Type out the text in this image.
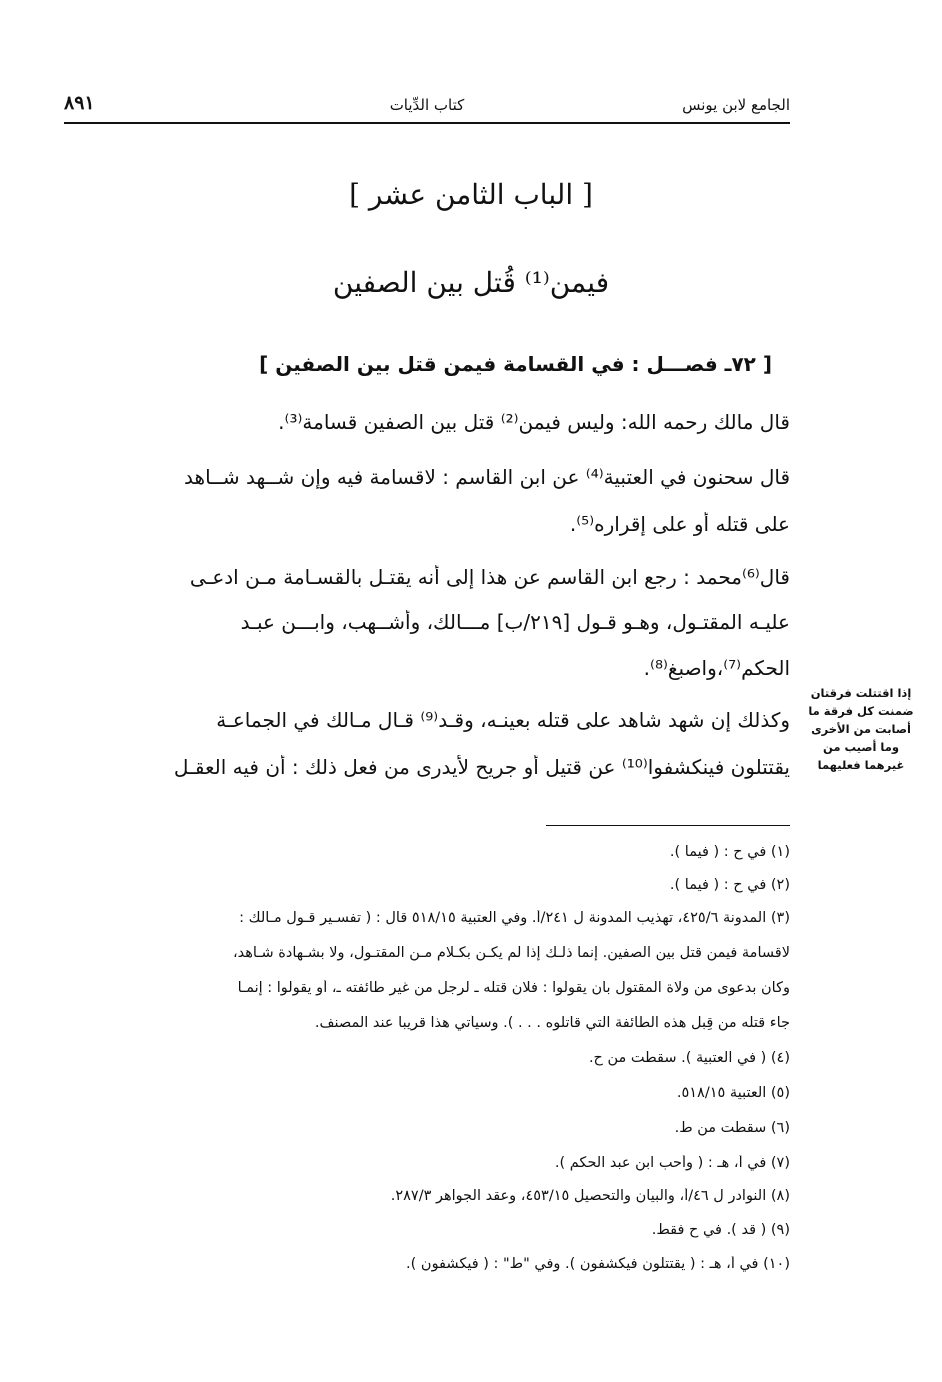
٨٩١	كتاب الدِّيات	الجامع لابن يونس
[ الباب الثامن عشر ]
فيمن⁽¹⁾ قُتل بين الصفين
[ ٧٢ـ فصـــل : في القسامة فيمن قتل بين الصفين ]
قال مالك رحمه الله: وليس فيمن⁽²⁾ قتل بين الصفين قسامة⁽³⁾.
قال سحنون في العتبية⁽⁴⁾ عن ابن القاسم : لاقسامة فيه وإن شــهد شــاهد
على قتله أو على إقراره⁽⁵⁾.
قال⁽⁶⁾محمد : رجع ابن القاسم عن هذا إلى أنه يقتـل بالقسـامة مـن ادعـى
عليـه المقتـول، وهـو قـول [٢١٩/ب] مـــالك، وأشــهب، وابـــن عبـد
الحكم⁽⁷⁾،واصبغ⁽⁸⁾.
وكذلك إن شهد شاهد على قتله بعينـه، وقـد⁽⁹⁾ قـال مـالك في الجماعـة
يقتتلون فينكشفوا⁽¹⁰⁾ عن قتيل أو جريح لأيدرى من فعل ذلك : أن فيه العقـل
إذا اقتتلت فرقتان ضمنت كل فرقة ما أصابت من الأخرى وما أصيب من غيرهما فعليهما
(١) في ح : ( فيما ).
(٢) في ح : ( فيما ).
(٣) المدونة ٤٢٥/٦، تهذيب المدونة ل ٢٤١/أ. وفي العتبية ٥١٨/١٥ قال : ( تفسـير قـول مـالك :
لاقسامة فيمن قتل بين الصفين. إنما ذلـك إذا لم يكـن بكـلام مـن المقتـول، ولا بشـهادة شـاهد،
وكان بدعوى من ولاة المقتول بأن يقولوا : فلان قتله ـ لرجل من غير طائفته ـ، أو يقولوا : إنمـا
جاء قتله من قِبل هذه الطائفة التي قاتلوه . . . ). وسيأتي هذا قريبا عند المصنف.
(٤) ( في العتبية ). سقطت من ح.
(٥) العتبية ٥١٨/١٥.
(٦) سقطت من ط.
(٧) في أ، هـ : ( وأحب ابن عبد الحكم ).
(٨) النوادر ل ٤٦/أ، والبيان والتحصيل ٤٥٣/١٥، وعقد الجواهر ٢٨٧/٣.
(٩) ( قد ). في ح فقط.
(١٠) في أ، هـ : ( يقتتلون فيكشفون ). وفي "ط" : ( فيكشفون ).
